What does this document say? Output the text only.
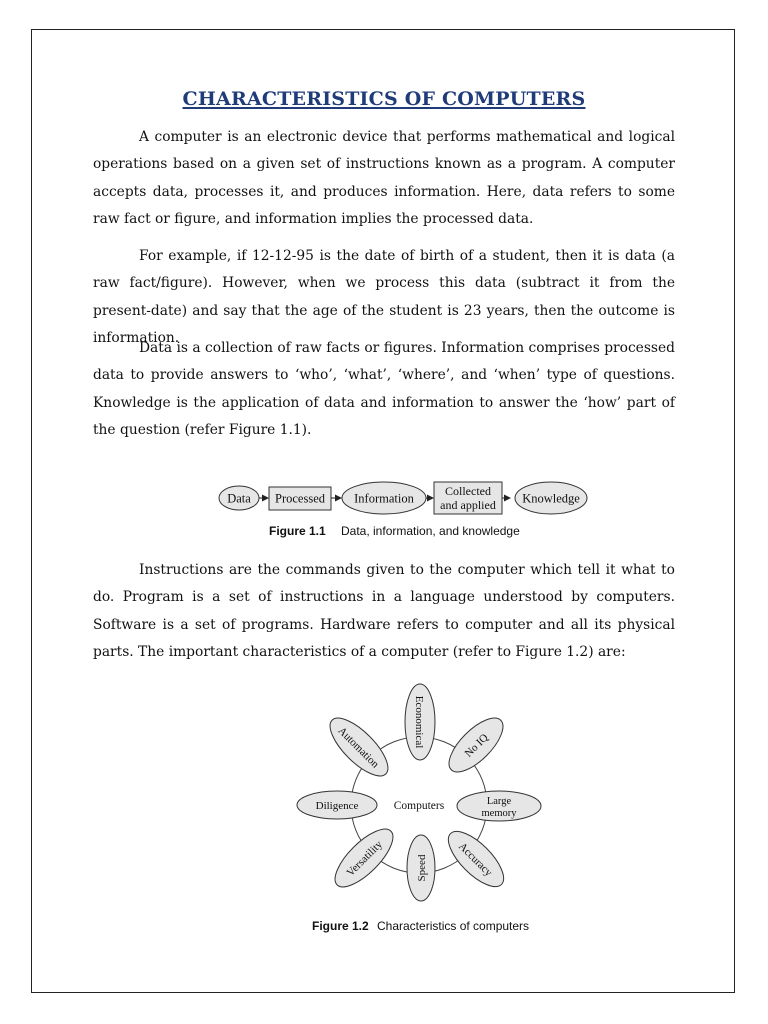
CHARACTERISTICS OF COMPUTERS
A computer is an electronic device that performs mathematical and logical operations based on a given set of instructions known as a program. A computer accepts data, processes it, and produces information. Here, data refers to some raw fact or figure, and information implies the processed data.
For example, if 12-12-95 is the date of birth of a student, then it is data (a raw fact/figure). However, when we process this data (subtract it from the present-date) and say that the age of the student is 23 years, then the outcome is information.
Data is a collection of raw facts or figures. Information comprises processed data to provide answers to ‘who’, ‘what’, ‘where’, and ‘when’ type of questions. Knowledge is the application of data and information to answer the ‘how’ part of the question (refer Figure 1.1).
Data Processed Information
Collected
and applied Knowledge
Figure 1.1 Data, information, and knowledge
Instructions are the commands given to the computer which tell it what to do. Program is a set of instructions in a language understood by computers. Software is a set of programs. Hardware refers to computer and all its physical parts. The important characteristics of a computer (refer to Figure 1.2) are:
Computers
Economical	No IQ
Large
memory
Accuracy
Speed
Versatility
Diligence
Automation
Figure 1.2 Characteristics of computers
